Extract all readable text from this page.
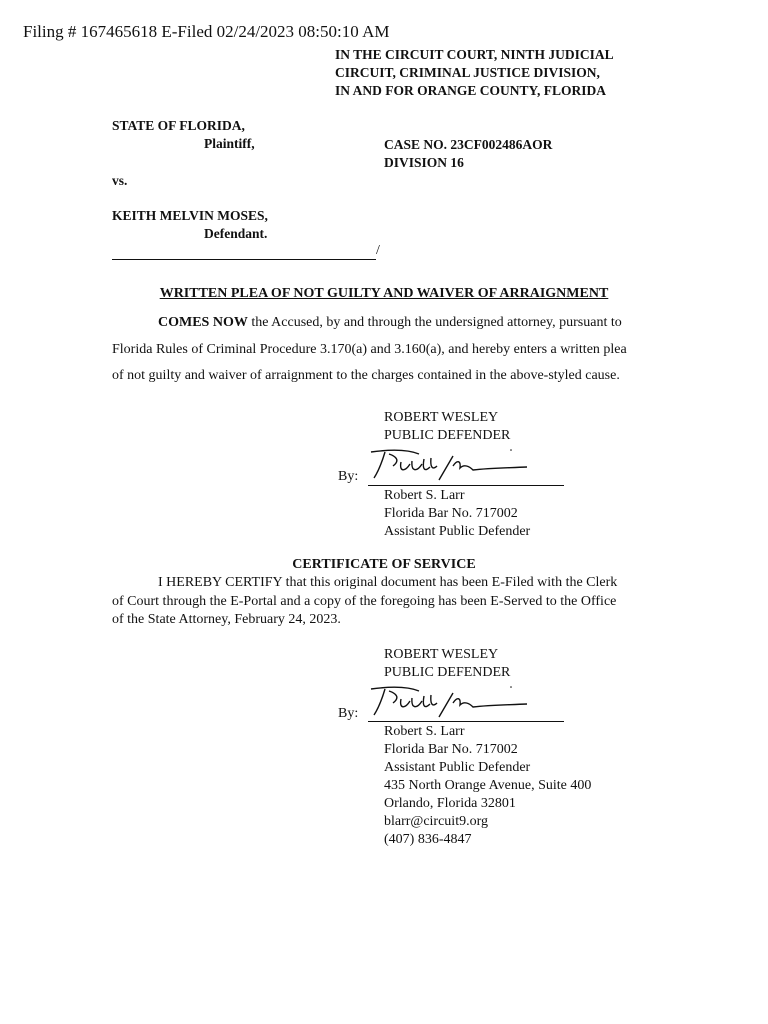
Filing # 167465618 E-Filed 02/24/2023 08:50:10 AM
IN THE CIRCUIT COURT, NINTH JUDICIAL
CIRCUIT, CRIMINAL JUSTICE DIVISION,
IN AND FOR ORANGE COUNTY, FLORIDA
STATE OF FLORIDA,
Plaintiff,	CASE NO. 23CF002486AOR
DIVISION 16
vs.
KEITH MELVIN MOSES,
Defendant.
/
WRITTEN PLEA OF NOT GUILTY AND WAIVER OF ARRAIGNMENT
COMES NOW the Accused, by and through the undersigned attorney, pursuant to
Florida Rules of Criminal Procedure 3.170(a) and 3.160(a), and hereby enters a written plea
of not guilty and waiver of arraignment to the charges contained in the above-styled cause.
ROBERT WESLEY
PUBLIC DEFENDER
By:
Robert S. Larr
Florida Bar No. 717002
Assistant Public Defender
CERTIFICATE OF SERVICE
I HEREBY CERTIFY that this original document has been E-Filed with the Clerk
of Court through the E-Portal and a copy of the foregoing has been E-Served to the Office
of the State Attorney, February 24, 2023.
ROBERT WESLEY
PUBLIC DEFENDER
By:
Robert S. Larr
Florida Bar No. 717002
Assistant Public Defender
435 North Orange Avenue, Suite 400
Orlando, Florida 32801
blarr@circuit9.org
(407) 836-4847
